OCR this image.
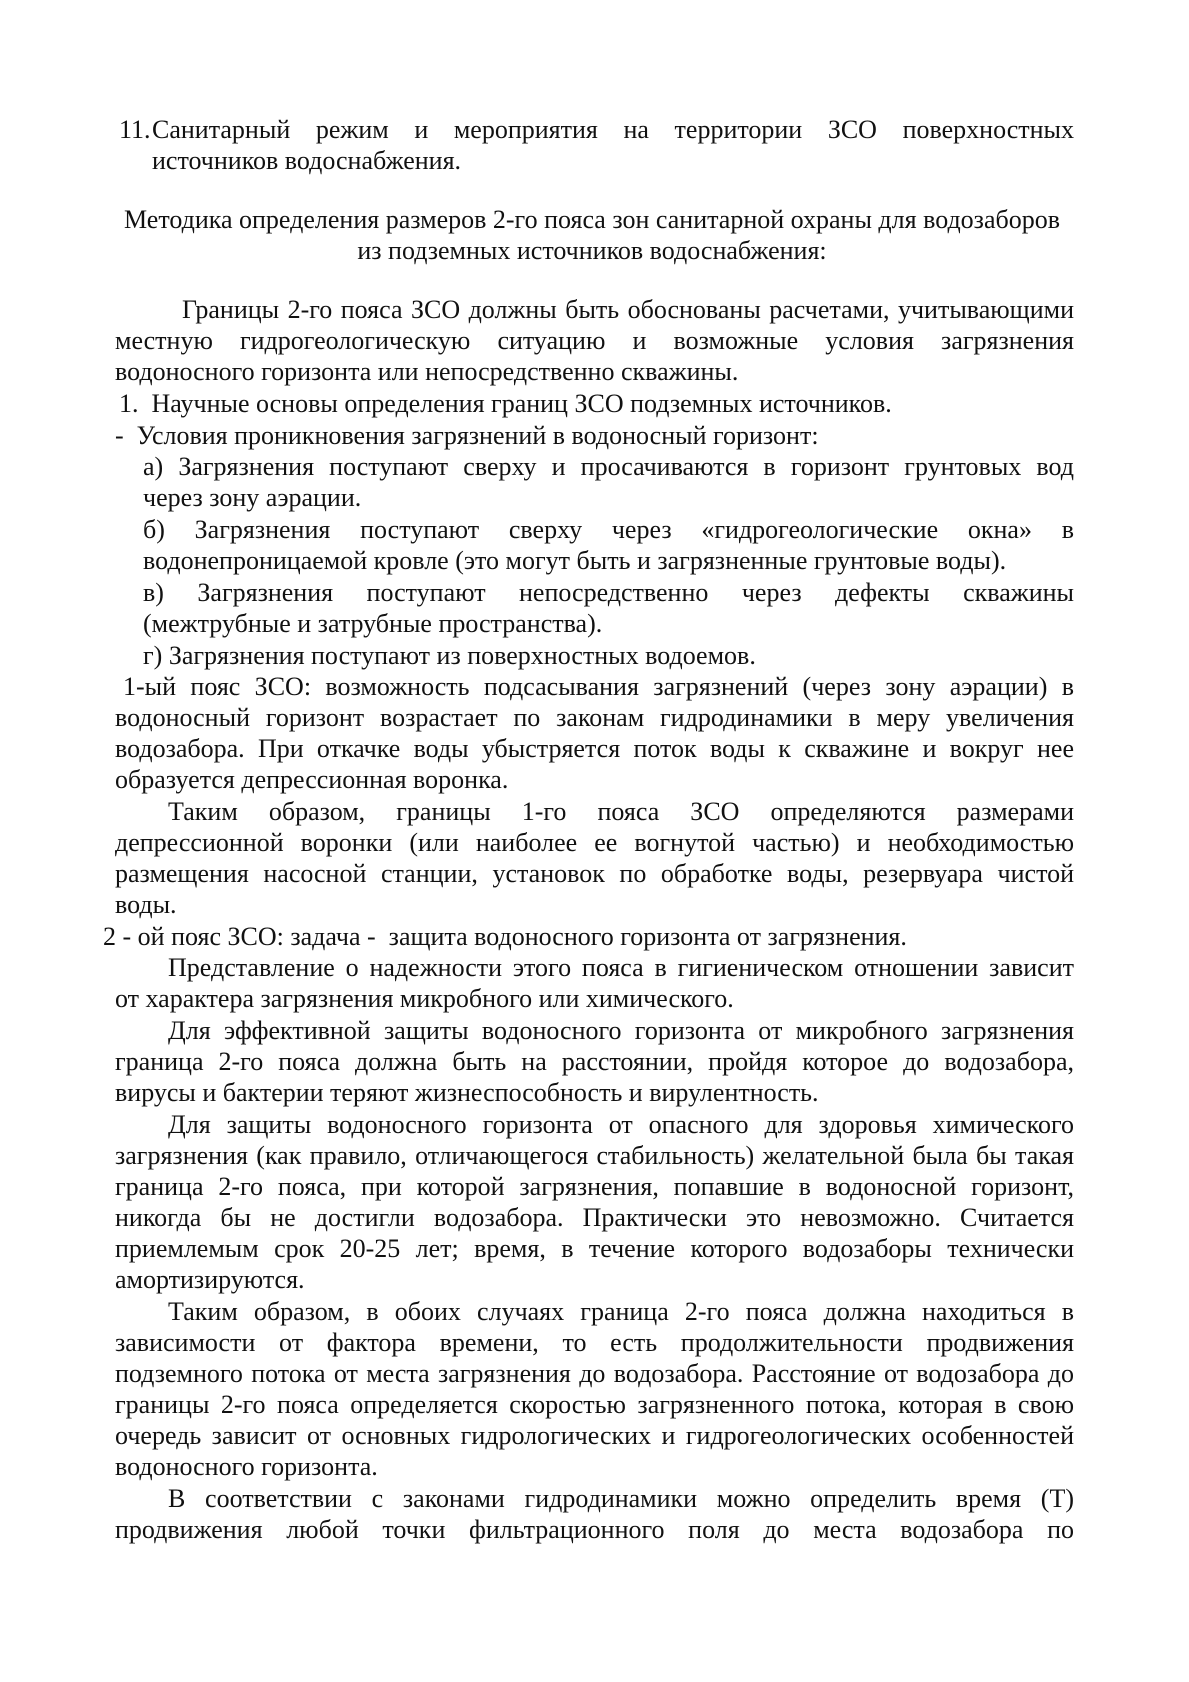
11. Санитарный режим и мероприятия на территории ЗСО поверхностных
источников водоснабжения.
Методика определения размеров 2-го пояса зон санитарной охраны для водозаборов
из подземных источников водоснабжения:
Границы 2-го пояса ЗСО должны быть обоснованы расчетами, учитывающими
местную гидрогеологическую ситуацию и возможные условия загрязнения
водоносного горизонта или непосредственно скважины.
1.  Научные основы определения границ ЗСО подземных источников.
-  Условия проникновения загрязнений в водоносный горизонт:
а) Загрязнения поступают сверху и просачиваются в горизонт грунтовых вод
через зону аэрации.
б) Загрязнения поступают сверху через «гидрогеологические окна» в
водонепроницаемой кровле (это могут быть и загрязненные грунтовые воды).
в) Загрязнения поступают непосредственно через дефекты скважины
(межтрубные и затрубные пространства).
г) Загрязнения поступают из поверхностных водоемов.
1-ый пояс ЗСО: возможность подсасывания загрязнений (через зону аэрации) в
водоносный горизонт возрастает по законам гидродинамики в меру увеличения
водозабора. При откачке воды убыстряется поток воды к скважине и вокруг нее
образуется депрессионная воронка.
Таким образом, границы 1-го пояса ЗСО определяются размерами
депрессионной воронки (или наиболее ее вогнутой частью) и необходимостью
размещения насосной станции, установок по обработке воды, резервуара чистой
воды.
2 - ой пояс ЗСО: задача -  защита водоносного горизонта от загрязнения.
Представление о надежности этого пояса в гигиеническом отношении зависит
от характера загрязнения микробного или химического.
Для эффективной защиты водоносного горизонта от микробного загрязнения
граница 2-го пояса должна быть на расстоянии, пройдя которое до водозабора,
вирусы и бактерии теряют жизнеспособность и вирулентность.
Для защиты водоносного горизонта от опасного для здоровья химического
загрязнения (как правило, отличающегося стабильность) желательной была бы такая
граница 2-го пояса, при которой загрязнения, попавшие в водоносной горизонт,
никогда бы не достигли водозабора. Практически это невозможно. Считается
приемлемым срок 20-25 лет; время, в течение которого водозаборы технически
амортизируются.
Таким образом, в обоих случаях граница 2-го пояса должна находиться в
зависимости от фактора времени, то есть продолжительности продвижения
подземного потока от места загрязнения до водозабора. Расстояние от водозабора до
границы 2-го пояса определяется скоростью загрязненного потока, которая в свою
очередь зависит от основных гидрологических и гидрогеологических особенностей
водоносного горизонта.
В соответствии с законами гидродинамики можно определить время (Т)
продвижения любой точки фильтрационного поля до места водозабора по
